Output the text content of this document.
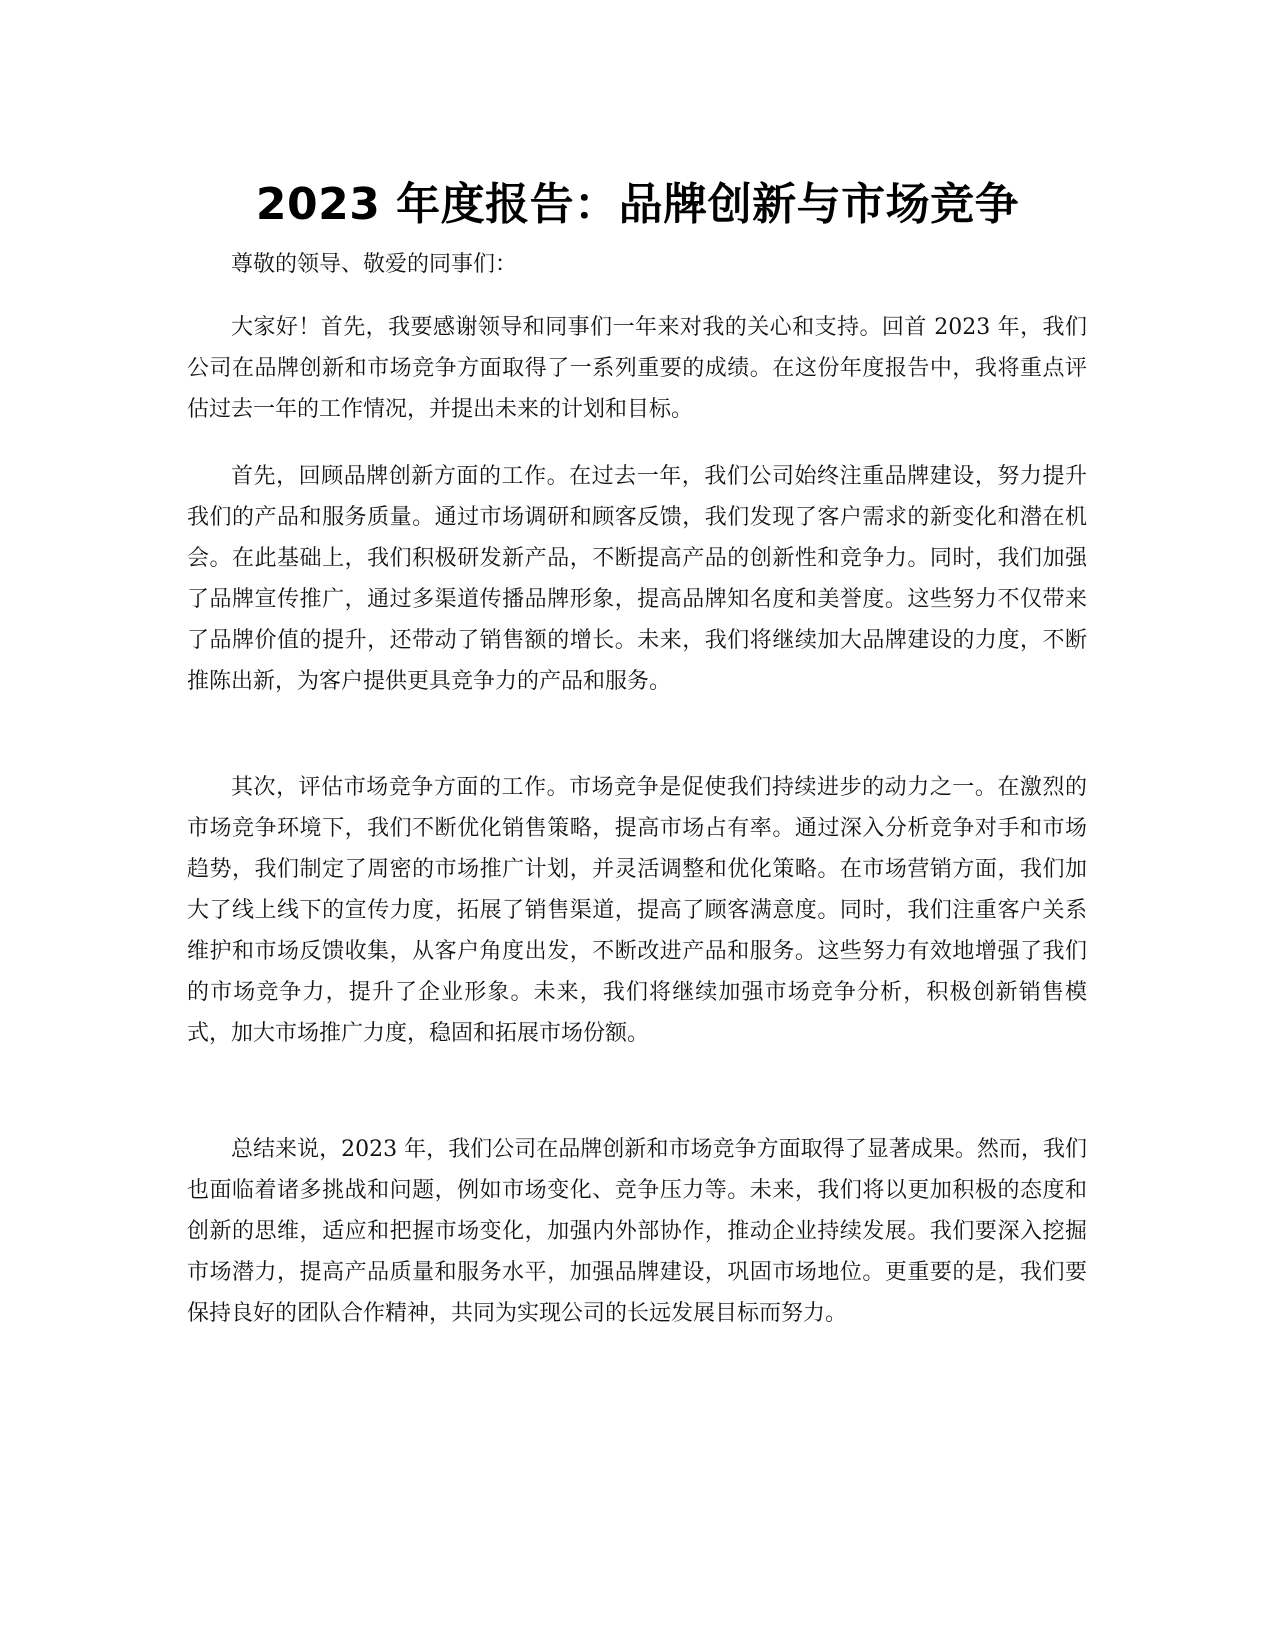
2023 年度报告：品牌创新与市场竞争

尊敬的领导、敬爱的同事们：

大家好！首先，我要感谢领导和同事们一年来对我的关心和支持。回首 2023 年，我们公司在品牌创新和市场竞争方面取得了一系列重要的成绩。在这份年度报告中，我将重点评估过去一年的工作情况，并提出未来的计划和目标。

首先，回顾品牌创新方面的工作。在过去一年，我们公司始终注重品牌建设，努力提升我们的产品和服务质量。通过市场调研和顾客反馈，我们发现了客户需求的新变化和潜在机会。在此基础上，我们积极研发新产品，不断提高产品的创新性和竞争力。同时，我们加强了品牌宣传推广，通过多渠道传播品牌形象，提高品牌知名度和美誉度。这些努力不仅带来了品牌价值的提升，还带动了销售额的增长。未来，我们将继续加大品牌建设的力度，不断推陈出新，为客户提供更具竞争力的产品和服务。

其次，评估市场竞争方面的工作。市场竞争是促使我们持续进步的动力之一。在激烈的市场竞争环境下，我们不断优化销售策略，提高市场占有率。通过深入分析竞争对手和市场趋势，我们制定了周密的市场推广计划，并灵活调整和优化策略。在市场营销方面，我们加大了线上线下的宣传力度，拓展了销售渠道，提高了顾客满意度。同时，我们注重客户关系维护和市场反馈收集，从客户角度出发，不断改进产品和服务。这些努力有效地增强了我们的市场竞争力，提升了企业形象。未来，我们将继续加强市场竞争分析，积极创新销售模式，加大市场推广力度，稳固和拓展市场份额。

总结来说，2023 年，我们公司在品牌创新和市场竞争方面取得了显著成果。然而，我们也面临着诸多挑战和问题，例如市场变化、竞争压力等。未来，我们将以更加积极的态度和创新的思维，适应和把握市场变化，加强内外部协作，推动企业持续发展。我们要深入挖掘市场潜力，提高产品质量和服务水平，加强品牌建设，巩固市场地位。更重要的是，我们要保持良好的团队合作精神，共同为实现公司的长远发展目标而努力。
